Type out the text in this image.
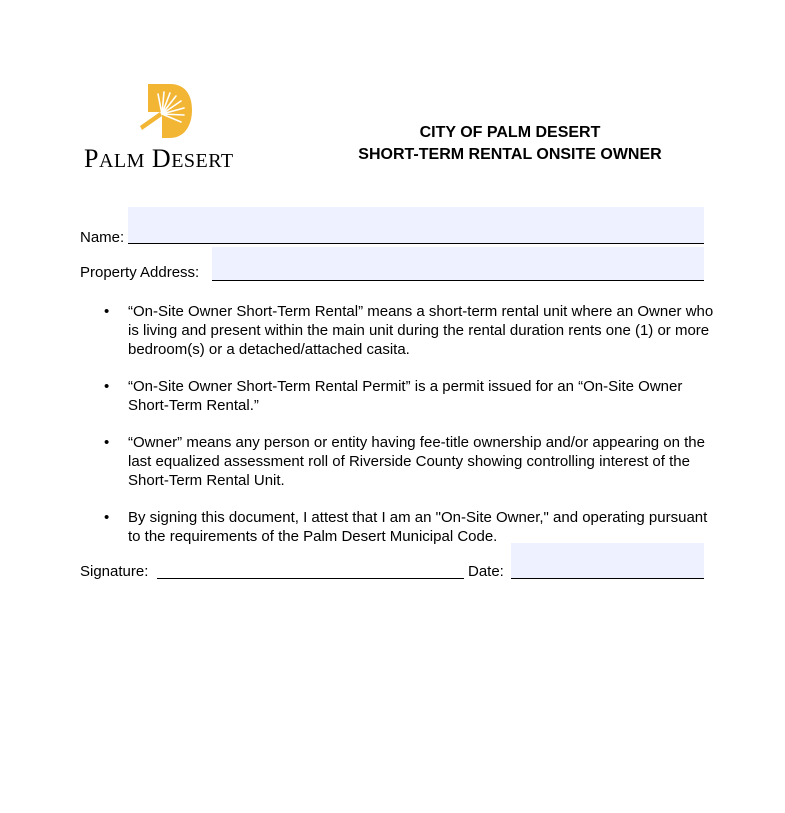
PALM DESERT
CITY OF PALM DESERT
SHORT-TERM RENTAL ONSITE OWNER
Name:
Property Address:
•	“On-Site Owner Short-Term Rental” means a short-term rental unit where an Owner who is living and present within the main unit during the rental duration rents one (1) or more bedroom(s) or a detached/attached casita.
•	“On-Site Owner Short-Term Rental Permit” is a permit issued for an “On-Site Owner Short-Term Rental.”
•	“Owner” means any person or entity having fee-title ownership and/or appearing on the last equalized assessment roll of Riverside County showing controlling interest of the Short-Term Rental Unit.
•	By signing this document, I attest that I am an "On-Site Owner," and operating pursuant to the requirements of the Palm Desert Municipal Code.
Signature:	Date:
